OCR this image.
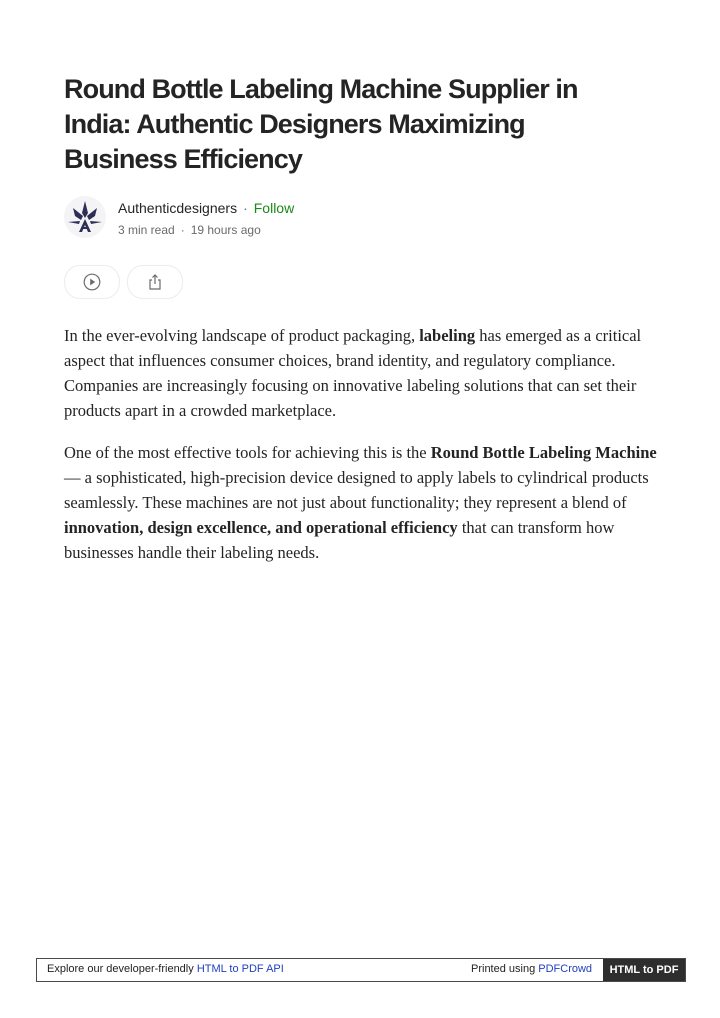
Round Bottle Labeling Machine Supplier in India: Authentic Designers Maximizing Business Efficiency
Authenticdesigners · Follow
3 min read · 19 hours ago

In the ever-evolving landscape of product packaging, labeling has emerged as a critical aspect that influences consumer choices, brand identity, and regulatory compliance. Companies are increasingly focusing on innovative labeling solutions that can set their products apart in a crowded marketplace.

One of the most effective tools for achieving this is the Round Bottle Labeling Machine — a sophisticated, high-precision device designed to apply labels to cylindrical products seamlessly. These machines are not just about functionality; they represent a blend of innovation, design excellence, and operational efficiency that can transform how businesses handle their labeling needs.

Explore our developer-friendly HTML to PDF API	Printed using PDFCrowd	HTML to PDF
